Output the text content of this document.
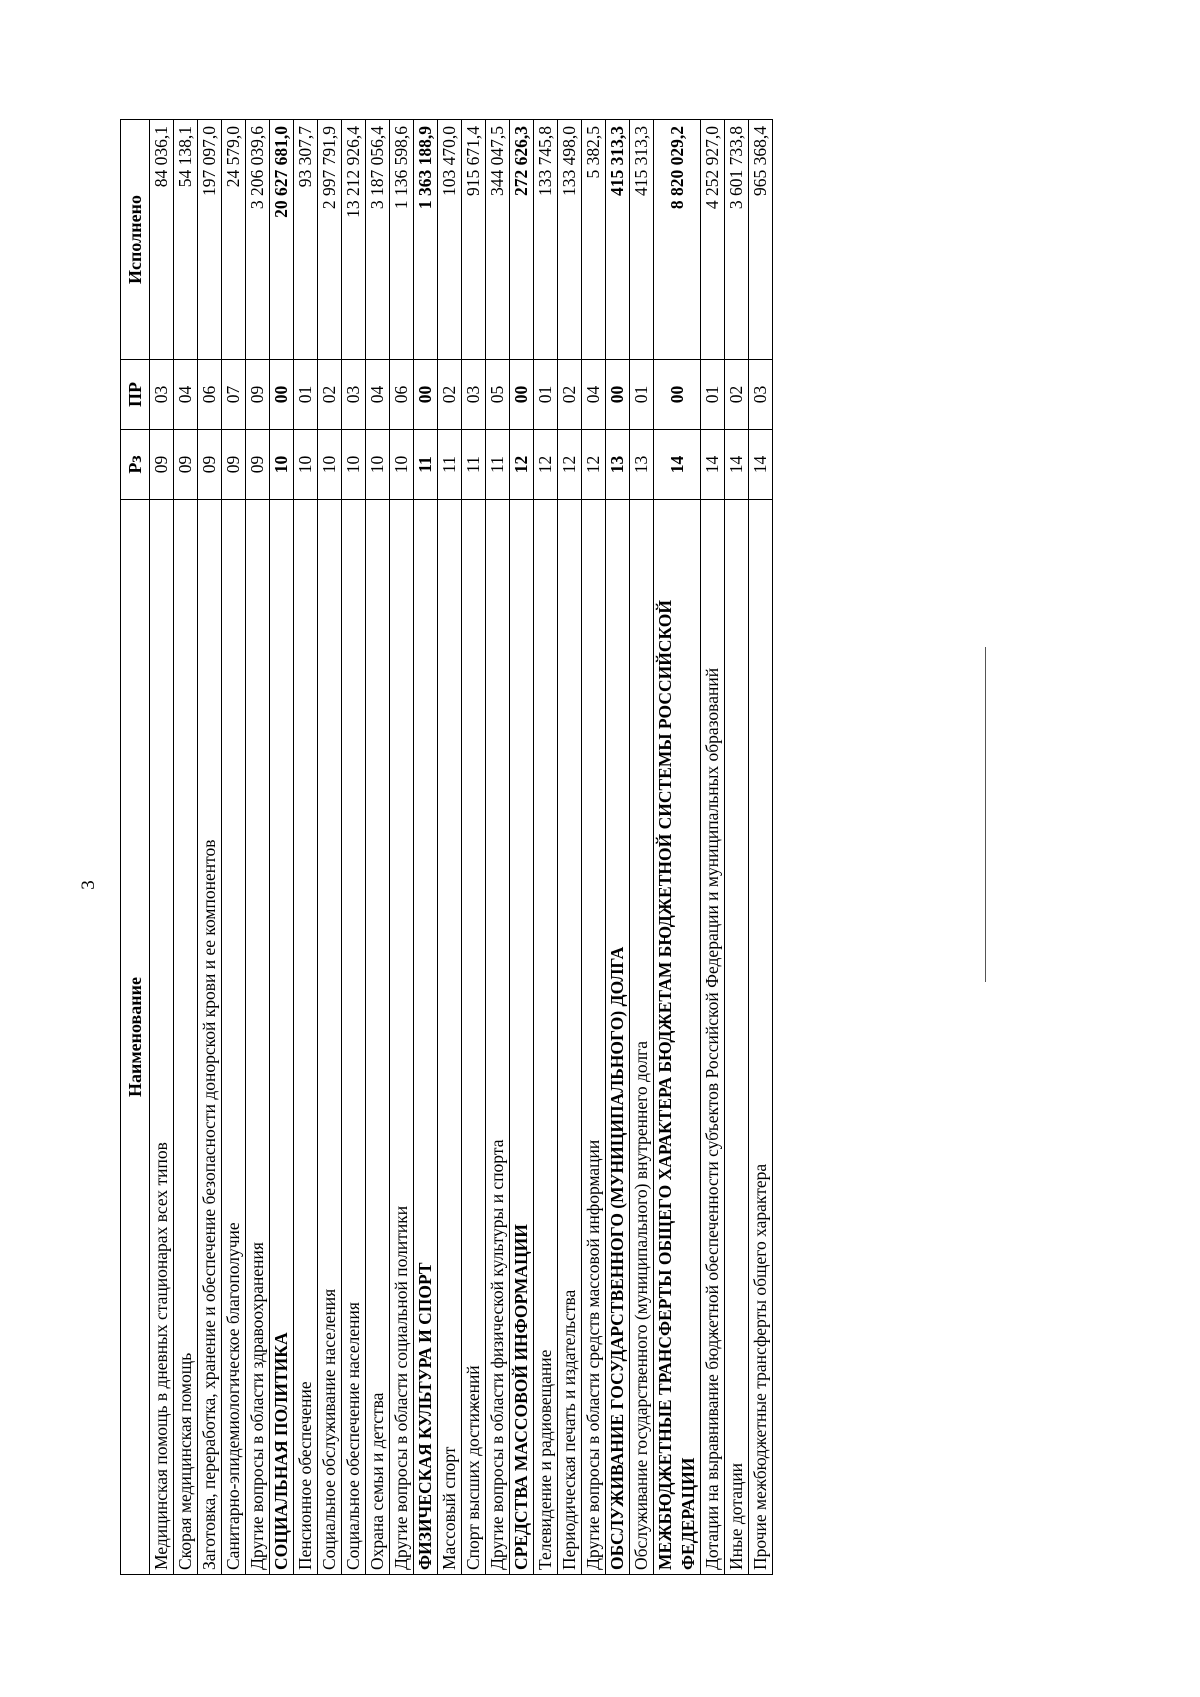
3
Наименование	Рз	ПР	Исполнено
Медицинская помощь в дневных стационарах всех типов	09	03	84 036,1
Скорая медицинская помощь	09	04	54 138,1
Заготовка, переработка, хранение и обеспечение безопасности донорской крови и ее компонентов	09	06	197 097,0
Санитарно-эпидемиологическое благополучие	09	07	24 579,0
Другие вопросы в области здравоохранения	09	09	3 206 039,6
СОЦИАЛЬНАЯ ПОЛИТИКА	10	00	20 627 681,0
Пенсионное обеспечение	10	01	93 307,7
Социальное обслуживание населения	10	02	2 997 791,9
Социальное обеспечение населения	10	03	13 212 926,4
Охрана семьи и детства	10	04	3 187 056,4
Другие вопросы в области социальной политики	10	06	1 136 598,6
ФИЗИЧЕСКАЯ КУЛЬТУРА И СПОРТ	11	00	1 363 188,9
Массовый спорт	11	02	103 470,0
Спорт высших достижений	11	03	915 671,4
Другие вопросы в области физической культуры и спорта	11	05	344 047,5
СРЕДСТВА МАССОВОЙ ИНФОРМАЦИИ	12	00	272 626,3
Телевидение и радиовещание	12	01	133 745,8
Периодическая печать и издательства	12	02	133 498,0
Другие вопросы в области средств массовой информации	12	04	5 382,5
ОБСЛУЖИВАНИЕ ГОСУДАРСТВЕННОГО (МУНИЦИПАЛЬНОГО) ДОЛГА	13	00	415 313,3
Обслуживание государственного (муниципального) внутреннего долга	13	01	415 313,3
МЕЖБЮДЖЕТНЫЕ ТРАНСФЕРТЫ ОБЩЕГО ХАРАКТЕРА БЮДЖЕТАМ БЮДЖЕТНОЙ СИСТЕМЫ РОССИЙСКОЙ ФЕДЕРАЦИИ	14	00	8 820 029,2
Дотации на выравнивание бюджетной обеспеченности субъектов Российской Федерации и муниципальных образований	14	01	4 252 927,0
Иные дотации	14	02	3 601 733,8
Прочие межбюджетные трансферты общего характера	14	03	965 368,4
